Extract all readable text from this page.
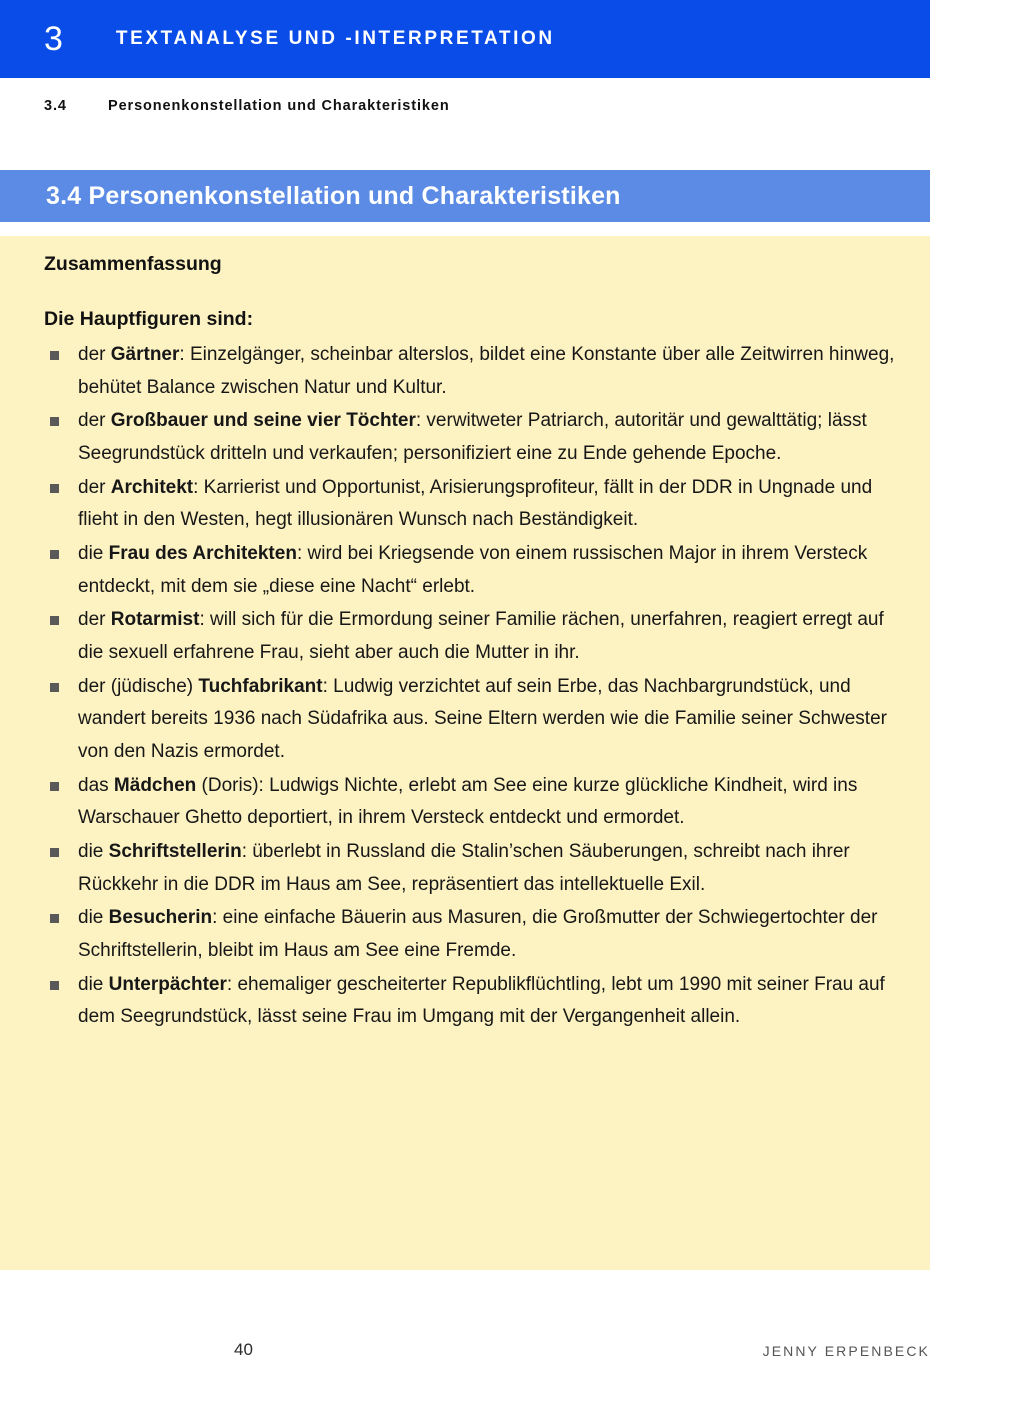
3	TEXTANALYSE UND -INTERPRETATION
3.4	Personenkonstellation und Charakteristiken
3.4 Personenkonstellation und Charakteristiken
Zusammenfassung
Die Hauptfiguren sind:
der Gärtner: Einzelgänger, scheinbar alterslos, bildet eine Konstante über alle Zeitwirren hinweg, behütet Balance zwischen Natur und Kultur.
der Großbauer und seine vier Töchter: verwitweter Patriarch, autoritär und gewalttätig; lässt Seegrundstück dritteln und verkaufen; personifiziert eine zu Ende gehende Epoche.
der Architekt: Karrierist und Opportunist, Arisierungsprofiteur, fällt in der DDR in Ungnade und flieht in den Westen, hegt illusionären Wunsch nach Beständigkeit.
die Frau des Architekten: wird bei Kriegsende von einem russischen Major in ihrem Versteck entdeckt, mit dem sie „diese eine Nacht“ erlebt.
der Rotarmist: will sich für die Ermordung seiner Familie rächen, unerfahren, reagiert erregt auf die sexuell erfahrene Frau, sieht aber auch die Mutter in ihr.
der (jüdische) Tuchfabrikant: Ludwig verzichtet auf sein Erbe, das Nachbargrundstück, und wandert bereits 1936 nach Südafrika aus. Seine Eltern werden wie die Familie seiner Schwester von den Nazis ermordet.
das Mädchen (Doris): Ludwigs Nichte, erlebt am See eine kurze glückliche Kindheit, wird ins Warschauer Ghetto deportiert, in ihrem Versteck entdeckt und ermordet.
die Schriftstellerin: überlebt in Russland die Stalin’schen Säuberungen, schreibt nach ihrer Rückkehr in die DDR im Haus am See, repräsentiert das intellektuelle Exil.
die Besucherin: eine einfache Bäuerin aus Masuren, die Großmutter der Schwiegertochter der Schriftstellerin, bleibt im Haus am See eine Fremde.
die Unterpächter: ehemaliger gescheiterter Republikflüchtling, lebt um 1990 mit seiner Frau auf dem Seegrundstück, lässt seine Frau im Umgang mit der Vergangenheit allein.
40	JENNY ERPENBECK
